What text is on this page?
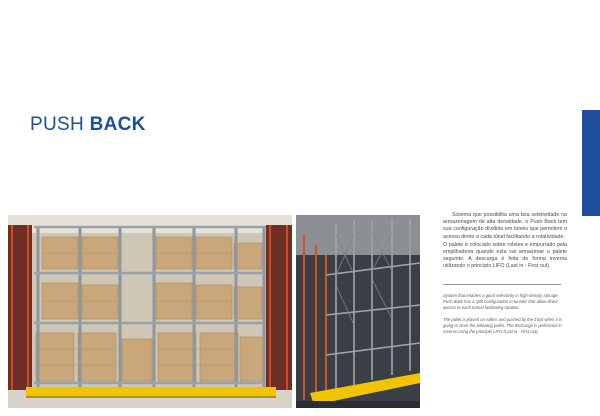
PUSH BACK

Sistema que possibilita uma boa seletividade na armazenagem de alta densidade, o Push Back tem sua configuração dividida em túneis que permitem o acesso direto a cada túnel facilitando a rotatividade.

O palete é colocado sobre roletes e empurrado pela empilhadeira quando esta vai armazenar o palete seguinte. A descarga é feita de forma inversa utilizando o princípio LIFO (Last in - First out).

System that enables a good selectivity in high-density storage, Push Back has a split configuration in tunnels that allow direct access to each tunnel facilitating rotation.

The pallet is placed on rollers and pushed by the truck when it is going to store the following pallet. The discharge is performed in reverse using the principle LIFO (Last in - First out).
